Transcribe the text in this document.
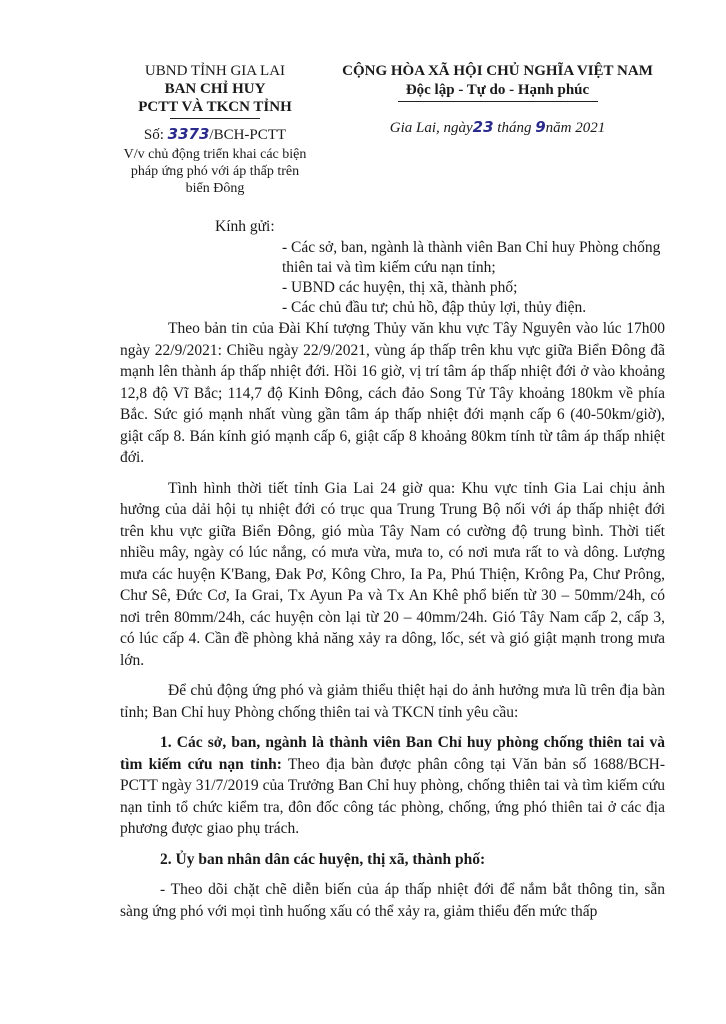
UBND TỈNH GIA LAI
BAN CHỈ HUY
PCTT VÀ TKCN TỈNH
Số: 3373/BCH-PCTT
V/v chủ động triển khai các biện pháp ứng phó với áp thấp trên biển Đông
CỘNG HÒA XÃ HỘI CHỦ NGHĨA VIỆT NAM
Độc lập - Tự do - Hạnh phúc
Gia Lai, ngày23 tháng 9năm 2021
Kính gửi:
- Các sở, ban, ngành là thành viên Ban Chỉ huy Phòng chống thiên tai và tìm kiếm cứu nạn tỉnh;
- UBND các huyện, thị xã, thành phố;
- Các chủ đầu tư; chủ hồ, đập thủy lợi, thủy điện.

Theo bản tin của Đài Khí tượng Thủy văn khu vực Tây Nguyên vào lúc 17h00 ngày 22/9/2021: Chiều ngày 22/9/2021, vùng áp thấp trên khu vực giữa Biển Đông đã mạnh lên thành áp thấp nhiệt đới. Hồi 16 giờ, vị trí tâm áp thấp nhiệt đới ở vào khoảng 12,8 độ Vĩ Bắc; 114,7 độ Kinh Đông, cách đảo Song Tử Tây khoảng 180km về phía Bắc. Sức gió mạnh nhất vùng gần tâm áp thấp nhiệt đới mạnh cấp 6 (40-50km/giờ), giật cấp 8. Bán kính gió mạnh cấp 6, giật cấp 8 khoảng 80km tính từ tâm áp thấp nhiệt đới.

Tình hình thời tiết tỉnh Gia Lai 24 giờ qua: Khu vực tỉnh Gia Lai chịu ảnh hưởng của dải hội tụ nhiệt đới có trục qua Trung Trung Bộ nối với áp thấp nhiệt đới trên khu vực giữa Biển Đông, gió mùa Tây Nam có cường độ trung bình. Thời tiết nhiều mây, ngày có lúc nắng, có mưa vừa, mưa to, có nơi mưa rất to và dông. Lượng mưa các huyện K'Bang, Đak Pơ, Kông Chro, Ia Pa, Phú Thiện, Krông Pa, Chư Prông, Chư Sê, Đức Cơ, Ia Grai, Tx Ayun Pa và Tx An Khê phổ biến từ 30 – 50mm/24h, có nơi trên 80mm/24h, các huyện còn lại từ 20 – 40mm/24h. Gió Tây Nam cấp 2, cấp 3, có lúc cấp 4. Cần đề phòng khả năng xảy ra dông, lốc, sét và gió giật mạnh trong mưa lớn.

Để chủ động ứng phó và giảm thiểu thiệt hại do ảnh hưởng mưa lũ trên địa bàn tỉnh; Ban Chỉ huy Phòng chống thiên tai và TKCN tỉnh yêu cầu:

1. Các sở, ban, ngành là thành viên Ban Chỉ huy phòng chống thiên tai và tìm kiếm cứu nạn tỉnh: Theo địa bàn được phân công tại Văn bản số 1688/BCH-PCTT ngày 31/7/2019 của Trưởng Ban Chỉ huy phòng, chống thiên tai và tìm kiếm cứu nạn tỉnh tổ chức kiểm tra, đôn đốc công tác phòng, chống, ứng phó thiên tai ở các địa phương được giao phụ trách.

2. Ủy ban nhân dân các huyện, thị xã, thành phố:

- Theo dõi chặt chẽ diễn biến của áp thấp nhiệt đới để nắm bắt thông tin, sẵn sàng ứng phó với mọi tình huống xấu có thể xảy ra, giảm thiểu đến mức thấp
